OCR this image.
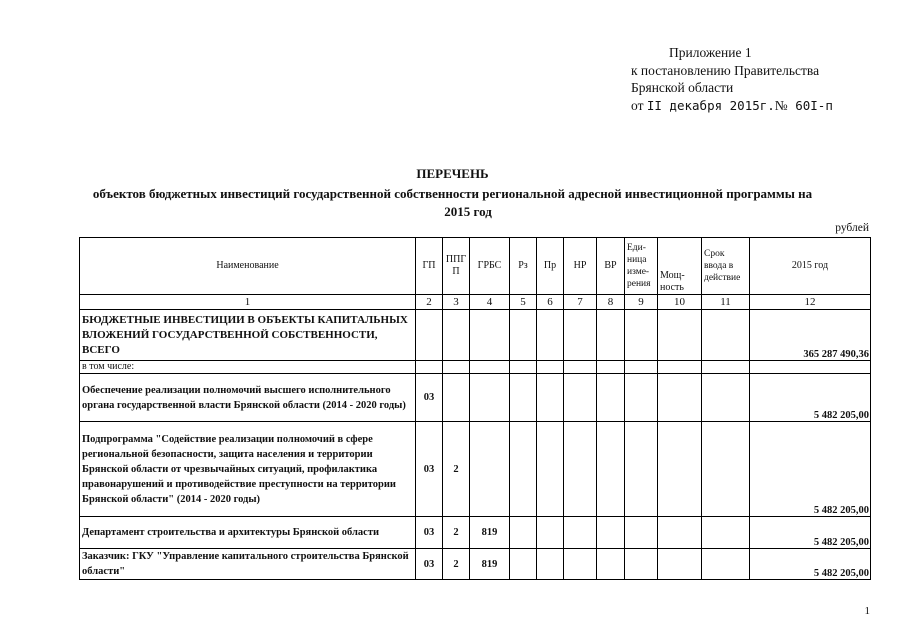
Приложение 1
к постановлению Правительства
Брянской области
от II декабря 2015г.№ 60I-п
ПЕРЕЧЕНЬ
объектов бюджетных инвестиций государственной собственности региональной адресной инвестиционной программы на
2015 год
рублей
Наименование	ГП	ППГ П	ГРБС	Рз	Пр	НР	ВР	Еди- ница изме- рения	Мощ- ность	Срок ввода в действие	2015 год
1	2	3	4	5	6	7	8	9	10	11	12
БЮДЖЕТНЫЕ ИНВЕСТИЦИИ В ОБЪЕКТЫ КАПИТАЛЬНЫХ ВЛОЖЕНИЙ ГОСУДАРСТВЕННОЙ СОБСТВЕННОСТИ, ВСЕГО											365 287 490,36
в том числе:											
Обеспечение реализации полномочий высшего исполнительного органа государственной власти Брянской области (2014 - 2020 годы)	03										5 482 205,00
Подпрограмма "Содействие реализации полномочий в сфере региональной безопасности, защита населения и территории Брянской области от чрезвычайных ситуаций, профилактика правонарушений и противодействие преступности на территории Брянской области" (2014 - 2020 годы)	03	2									5 482 205,00
Департамент строительства и архитектуры Брянской области	03	2	819								5 482 205,00
Заказчик: ГКУ "Управление капитального строительства Брянской области"	03	2	819								5 482 205,00
1
